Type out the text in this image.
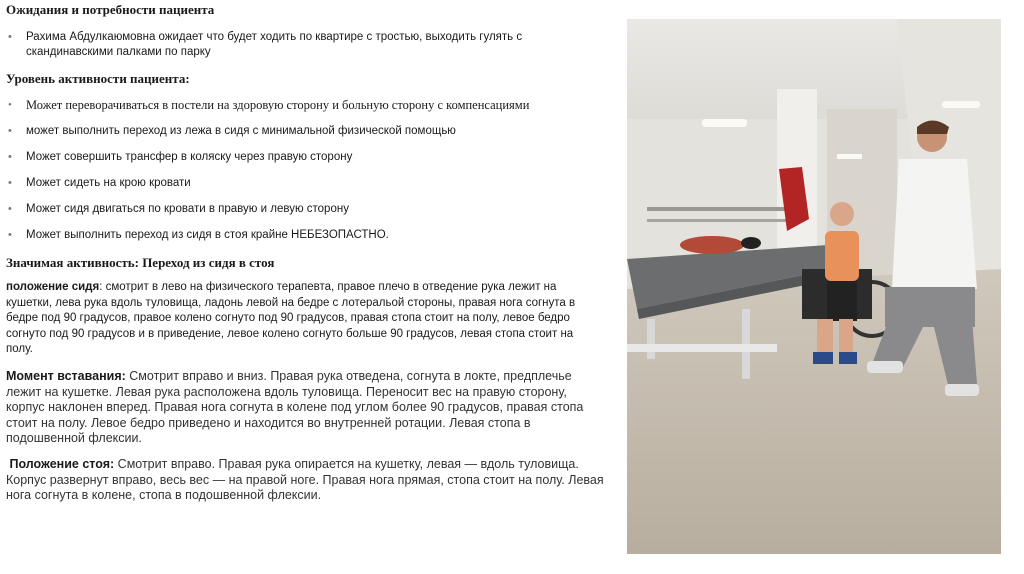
Ожидания и потребности пациента
• Рахима Абдулкаюмовна ожидает что будет ходить по квартире с тростью, выходить гулять с скандинавскими палками по парку
Уровень активности пациента:
• Может переворачиваться в постели на здоровую сторону и больную сторону с компенсациями
• может выполнить переход из лежа в сидя с минимальной физической помощью
• Может совершить трансфер в коляску через правую сторону
• Может сидеть на крою кровати
• Может сидя двигаться по кровати в правую и левую сторону
• Может выполнить переход из сидя в стоя крайне НЕБЕЗОПАСТНО.
Значимая активность: Переход из сидя в стоя

положение сидя: смотрит в лево на физического терапевта, правое плечо в отведение рука лежит на кушетки, лева рука вдоль туловища, ладонь левой на бедре с лотеральой стороны, правая нога согнута в бедре под 90 градусов, правое колено согнуто под 90 градусов, правая стопа стоит на полу, левое бедро согнуто под 90 градусов и в приведение, левое колено согнуто больше 90 градусов, левая стопа стоит на полу.

Момент вставания: Смотрит вправо и вниз. Правая рука отведена, согнута в локте, предплечье лежит на кушетке. Левая рука расположена вдоль туловища. Переносит вес на правую сторону, корпус наклонен вперед. Правая нога согнута в колене под углом более 90 градусов, правая стопа стоит на полу. Левое бедро приведено и находится во внутренней ротации. Левая стопа в подошвенной флексии.

Положение стоя: Смотрит вправо. Правая рука опирается на кушетку, левая — вдоль туловища. Корпус развернут вправо, весь вес — на правой ноге. Правая нога прямая, стопа стоит на полу. Левая нога согнута в колене, стопа в подошвенной флексии.
